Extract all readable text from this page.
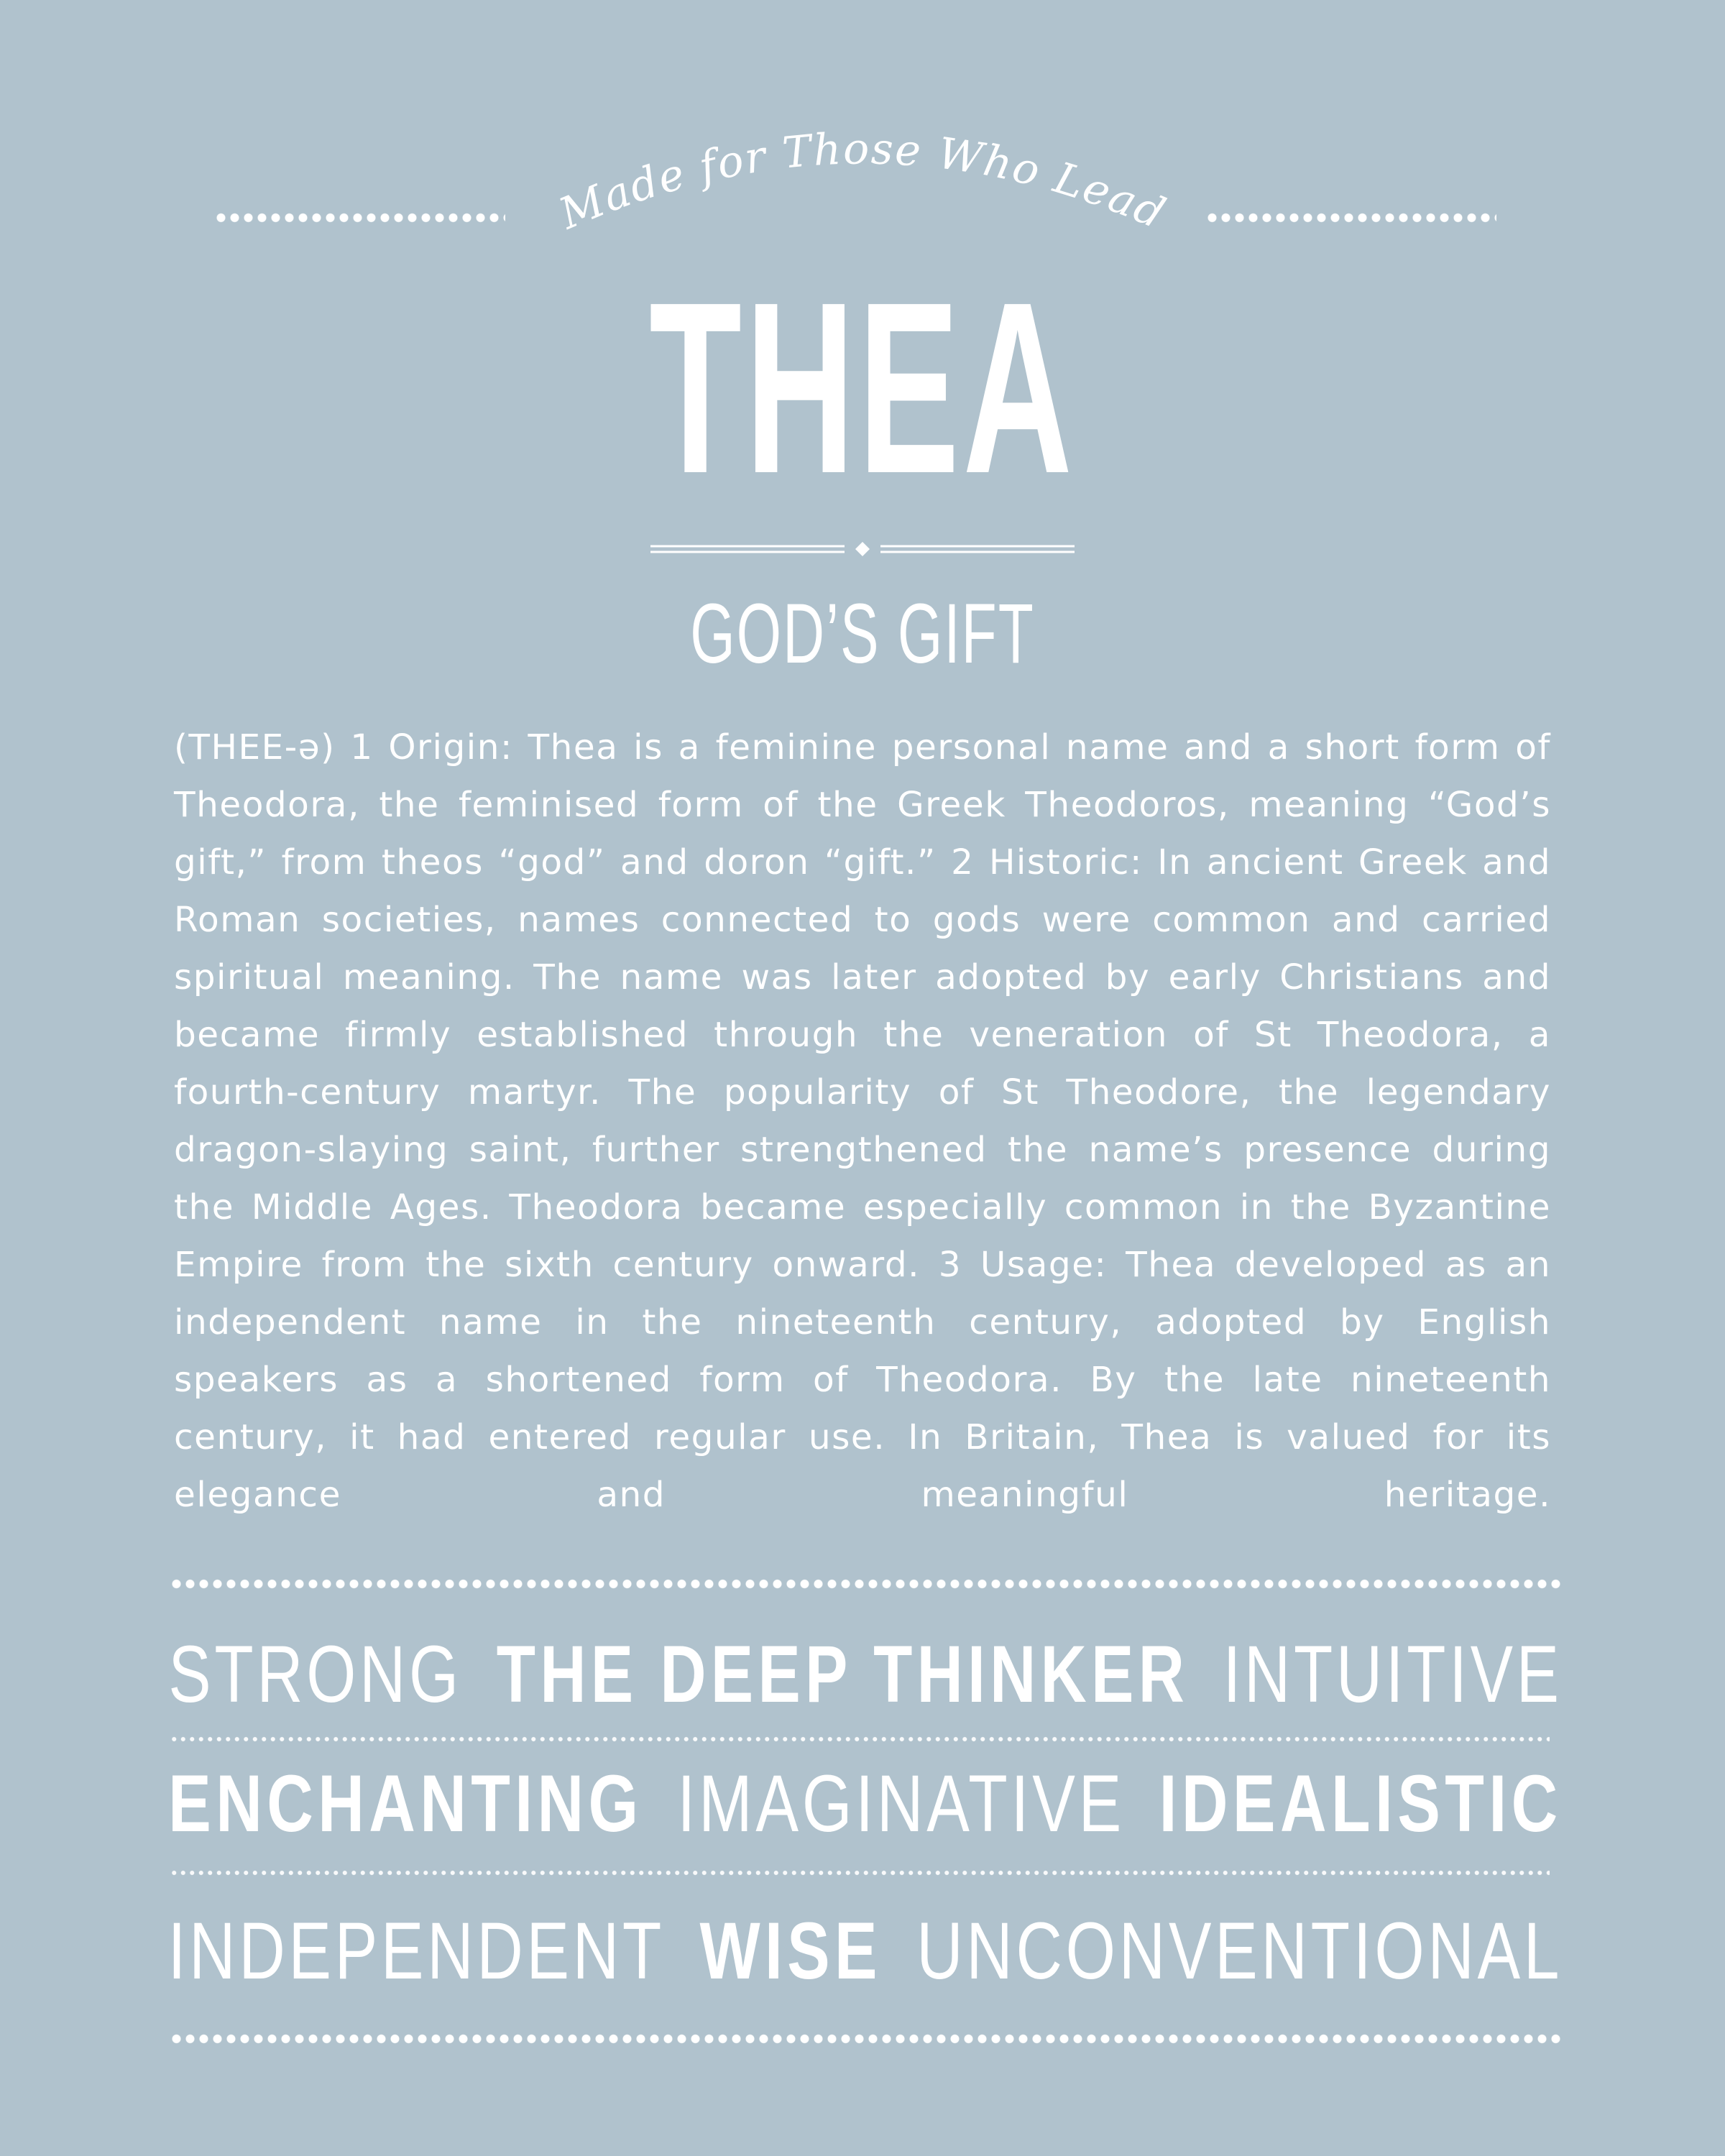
Made for Those Who Lead
THEA
GOD’S GIFT

(THEE-ə) 1 Origin: Thea is a feminine personal name and a short form of Theodora, the feminised form of the Greek Theodoros, meaning “God’s gift,” from theos “god” and doron “gift.” 2 Historic: In ancient Greek and Roman societies, names connected to gods were common and carried spiritual meaning. The name was later adopted by early Christians and became firmly established through the veneration of St Theodora, a fourth-century martyr. The popularity of St Theodore, the legendary dragon-slaying saint, further strengthened the name’s presence during the Middle Ages. Theodora became especially common in the Byzantine Empire from the sixth century onward. 3 Usage: Thea developed as an independent name in the nineteenth century, adopted by English speakers as a shortened form of Theodora. By the late nineteenth century, it had entered regular use. In Britain, Thea is valued for its elegance and meaningful heritage.

STRONG THE DEEP THINKER INTUITIVE
ENCHANTING IMAGINATIVE IDEALISTIC
INDEPENDENT WISE UNCONVENTIONAL
